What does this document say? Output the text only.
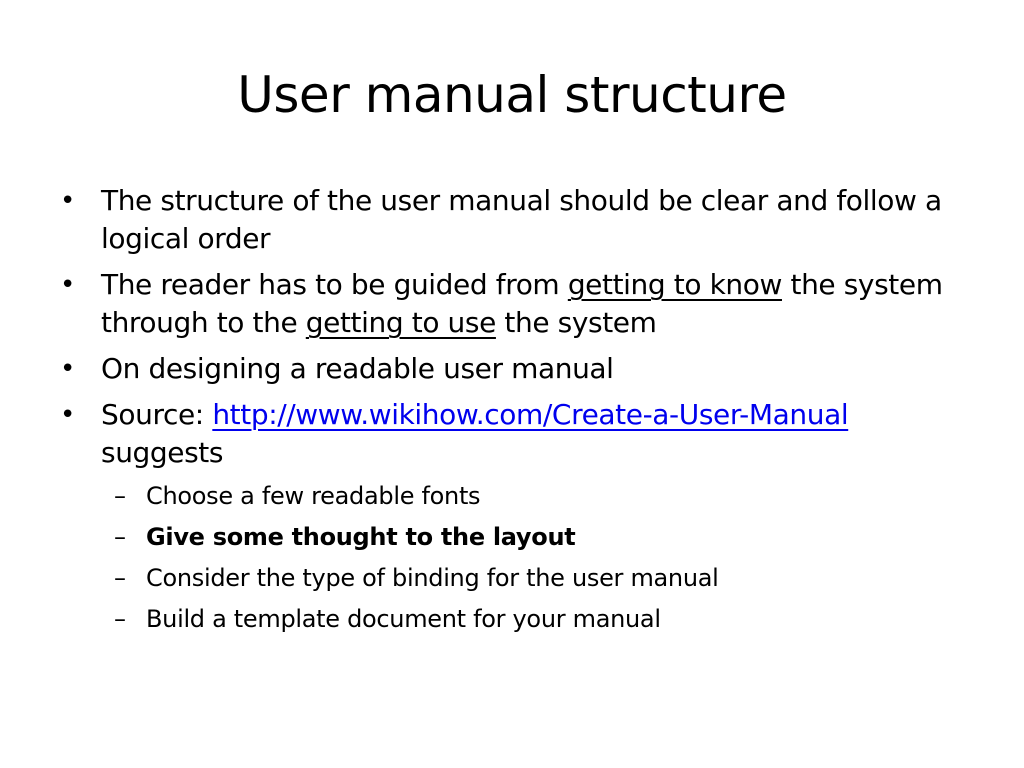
User manual structure
• The structure of the user manual should be clear and follow a logical order
• The reader has to be guided from getting to know the system through to the getting to use the system
• On designing a readable user manual
• Source: http://www.wikihow.com/Create-a-User-Manual suggests
– Choose a few readable fonts
– Give some thought to the layout
– Consider the type of binding for the user manual
– Build a template document for your manual
